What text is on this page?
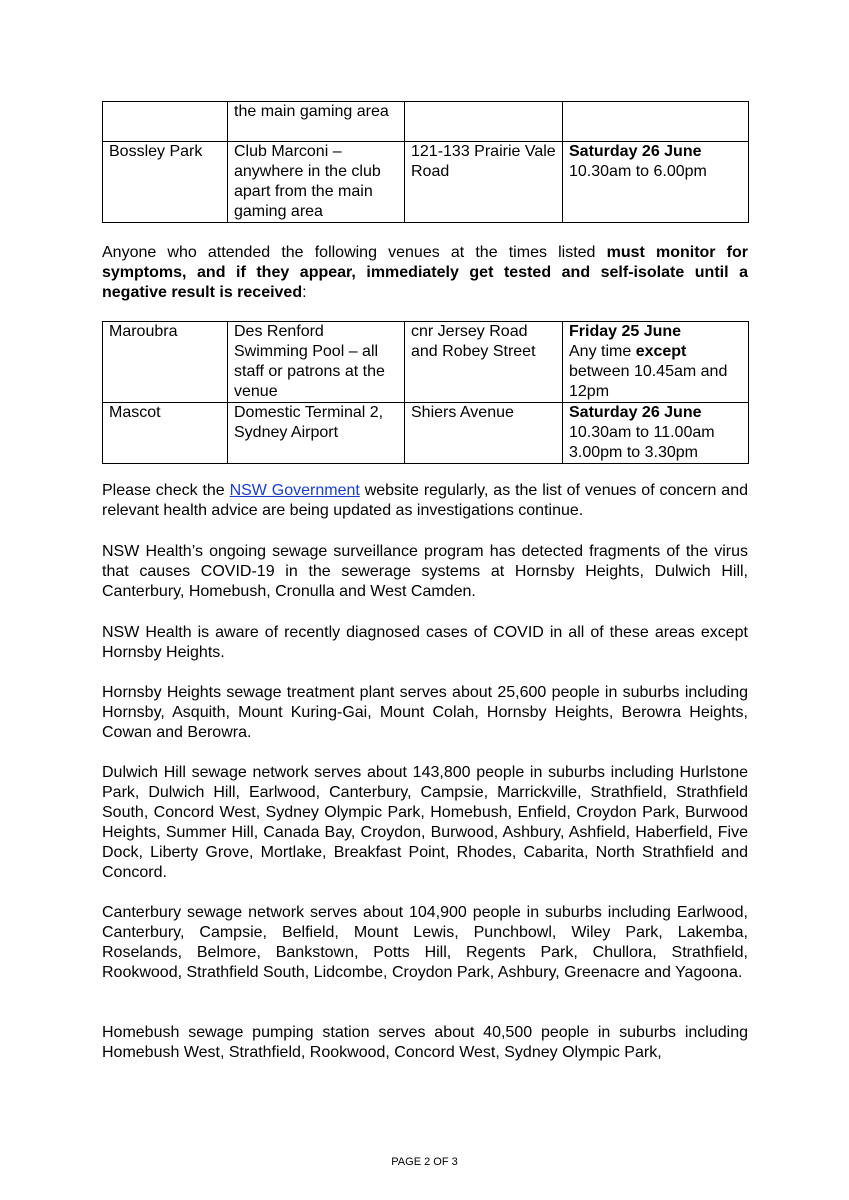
	the main gaming area		

Bossley Park	Club Marconi – anywhere in the club apart from the main gaming area	121-133 Prairie Vale Road	Saturday 26 June
10.30am to 6.00pm

Anyone who attended the following venues at the times listed must monitor for symptoms, and if they appear, immediately get tested and self-isolate until a negative result is received:

Maroubra	Des Renford Swimming Pool – all staff or patrons at the venue	cnr Jersey Road and Robey Street	Friday 25 June
Any time except between 10.45am and 12pm

Mascot	Domestic Terminal 2, Sydney Airport	Shiers Avenue	Saturday 26 June
10.30am to 11.00am
3.00pm to 3.30pm

Please check the NSW Government website regularly, as the list of venues of concern and relevant health advice are being updated as investigations continue.

NSW Health’s ongoing sewage surveillance program has detected fragments of the virus that causes COVID-19 in the sewerage systems at Hornsby Heights, Dulwich Hill, Canterbury, Homebush, Cronulla and West Camden.

NSW Health is aware of recently diagnosed cases of COVID in all of these areas except Hornsby Heights.

Hornsby Heights sewage treatment plant serves about 25,600 people in suburbs including Hornsby, Asquith, Mount Kuring-Gai, Mount Colah, Hornsby Heights, Berowra Heights, Cowan and Berowra.

Dulwich Hill sewage network serves about 143,800 people in suburbs including Hurlstone Park, Dulwich Hill, Earlwood, Canterbury, Campsie, Marrickville, Strathfield, Strathfield South, Concord West, Sydney Olympic Park, Homebush, Enfield, Croydon Park, Burwood Heights, Summer Hill, Canada Bay, Croydon, Burwood, Ashbury, Ashfield, Haberfield, Five Dock, Liberty Grove, Mortlake, Breakfast Point, Rhodes, Cabarita, North Strathfield and Concord.

Canterbury sewage network serves about 104,900 people in suburbs including Earlwood, Canterbury, Campsie, Belfield, Mount Lewis, Punchbowl, Wiley Park, Lakemba, Roselands, Belmore, Bankstown, Potts Hill, Regents Park, Chullora, Strathfield, Rookwood, Strathfield South, Lidcombe, Croydon Park, Ashbury, Greenacre and Yagoona.

Homebush sewage pumping station serves about 40,500 people in suburbs including Homebush West, Strathfield, Rookwood, Concord West, Sydney Olympic Park,

PAGE 2 OF 3
